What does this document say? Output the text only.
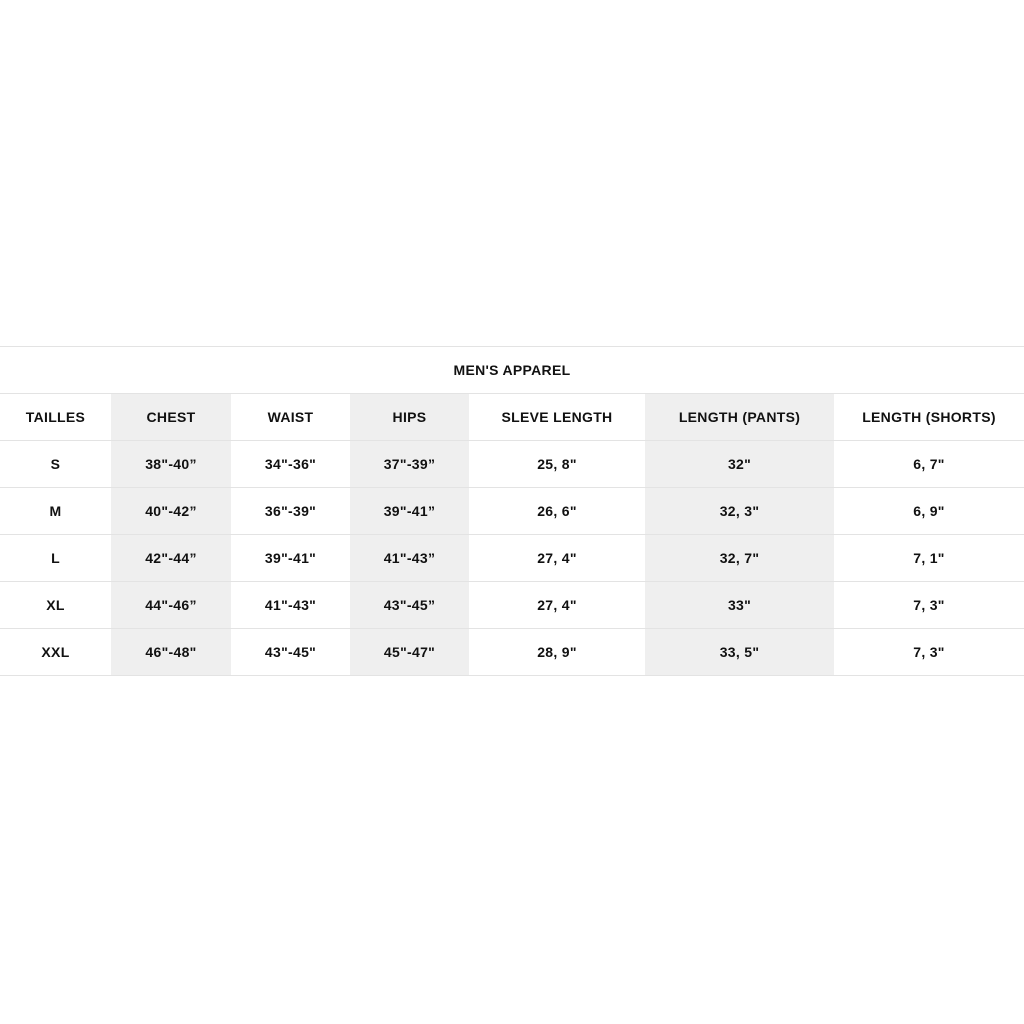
MEN'S APPAREL
TAILLES	CHEST	WAIST	HIPS	SLEVE LENGTH	LENGTH (PANTS)	LENGTH (SHORTS)
S	38"-40”	34"-36"	37"-39”	25, 8"	32"	6, 7"
M	40"-42”	36"-39"	39"-41”	26, 6"	32, 3"	6, 9"
L	42"-44”	39"-41"	41"-43”	27, 4"	32, 7"	7, 1"
XL	44"-46”	41"-43"	43"-45”	27, 4"	33"	7, 3"
XXL	46"-48"	43"-45"	45"-47"	28, 9"	33, 5"	7, 3"
